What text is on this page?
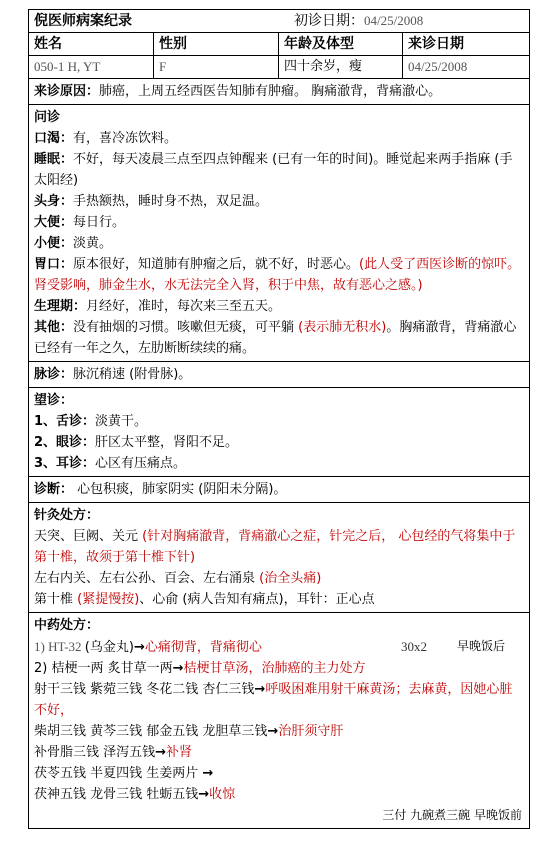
倪医师病案纪录	初诊日期：04/25/2008
姓名	性别	年龄及体型	来诊日期
050-1 H, YT	F	四十余岁，瘦	04/25/2008
来诊原因：肺癌，上周五经西医告知肺有肿瘤。 胸痛澈背，背痛澈心。
问诊
口渴：有，喜冷冻饮料。
睡眠：不好，每天凌晨三点至四点钟醒来 (已有一年的时间)。睡觉起来两手指麻 (手太阳经)
头身：手热额热，睡时身不热，双足温。
大便：每日行。
小便：淡黄。
胃口：原本很好，知道肺有肿瘤之后，就不好，时恶心。(此人受了西医诊断的惊吓。肾受影响，肺金生水，水无法完全入肾，积于中焦，故有恶心之感。)
生理期：月经好，准时，每次来三至五天。
其他：没有抽烟的习惯。咳嗽但无痰，可平躺 (表示肺无积水)。胸痛澈背，背痛澈心已经有一年之久，左肋断断续续的痛。
脉诊：脉沉稍速 (附骨脉)。
望诊：
1、舌诊：淡黄干。
2、眼诊：肝区太平整，肾阳不足。
3、耳诊：心区有压痛点。
诊断： 心包积痰，肺家阴实 (阴阳未分隔)。
针灸处方：
天突、巨阙、关元 (针对胸痛澈背，背痛澈心之症，针完之后， 心包经的气将集中于第十椎，故须于第十椎下针)
左右内关、左右公孙、百会、左右涌泉 (治全头痛)
第十椎 (紧提慢按)、心俞 (病人告知有痛点)，耳针：正心点
中药处方：
1) HT-32 (乌金丸)→心痛彻背，背痛彻心	30x2	早晚饭后
2) 桔梗一两 炙甘草一两→桔梗甘草汤，治肺癌的主力处方
射干三钱 紫菀三钱 冬花二钱 杏仁三钱→呼吸困难用射干麻黄汤；去麻黄，因她心脏不好，
柴胡三钱 黄芩三钱 郁金五钱 龙胆草三钱→治肝须守肝
补骨脂三钱 泽泻五钱→补肾
茯苓五钱 半夏四钱 生姜两片 →
茯神五钱 龙骨三钱 牡蛎五钱→收惊
三付 九碗煮三碗 早晚饭前
